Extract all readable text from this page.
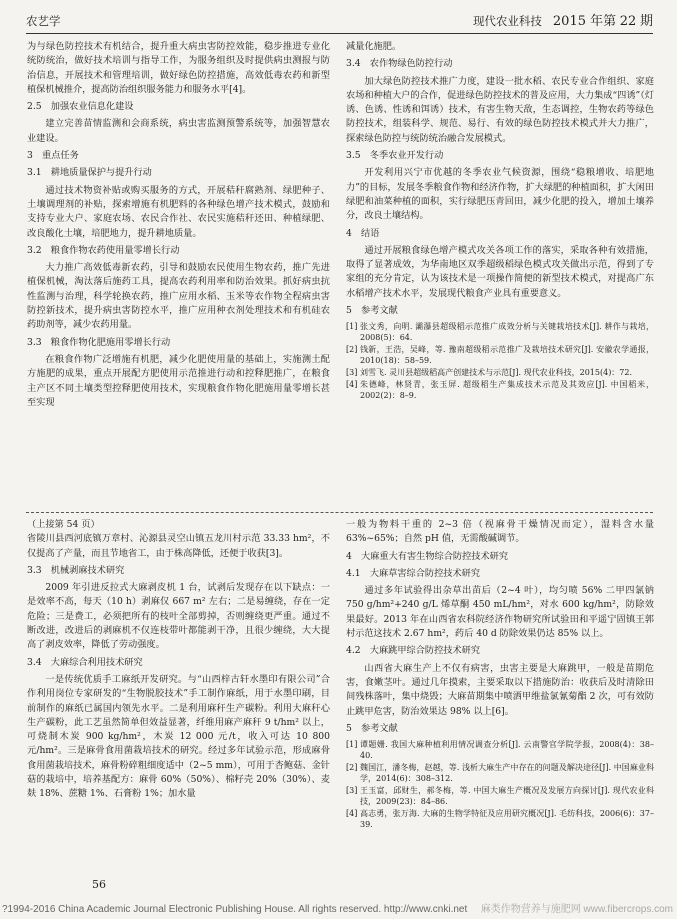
农艺学	现代农业科技 2015 年第 22 期

为与绿色防控技术有机结合，提升重大病虫害防控效能，稳步推进专业化统防统治，做好技术培训与指导工作，为服务组织及时提供病虫测报与防治信息，开展技术和管理培训，做好绿色防控措施，高效低毒农药和新型植保机械推介，提高防治组织服务能力和服务水平[4]。

2.5　加强农业信息化建设

建立完善苗情监测和会商系统，病虫害监测预警系统等，加强智慧农业建设。

3　重点任务

3.1　耕地质量保护与提升行动

通过技术物资补贴或购买服务的方式，开展秸秆腐熟剂、绿肥种子、土壤调理剂的补贴，探索增施有机肥料的各种绿色增产技术模式，鼓励和支持专业大户、家庭农场、农民合作社、农民实施秸秆还田、种植绿肥、改良酸化土壤，培肥地力，提升耕地质量。

3.2　粮食作物农药使用量零增长行动

大力推广高效低毒新农药，引导和鼓励农民使用生物农药，推广先进植保机械，淘汰落后施药工具，提高农药利用率和防治效果。抓好病虫抗性监测与治理，科学轮换农药，推广应用水稻、玉米等农作物全程病虫害防控新技术，提升病虫害防控水平，推广应用种衣剂处理技术和有机硅农药助剂等，减少农药用量。

3.3　粮食作物化肥施用零增长行动

在粮食作物广泛增施有机肥，减少化肥使用量的基础上，实施测土配方施肥的成果，重点开展配方肥使用示范推进行动和控释肥推广，在粮食主产区不同土壤类型控释肥使用技术，实现粮食作物化肥施用量零增长甚至实现

减量化施肥。

3.4　农作物绿色防控行动

加大绿色防控技术推广力度，建设一批水稻、农民专业合作组织、家庭农场和种植大户的合作，促进绿色防控技术的普及应用，大力集成“四诱”（灯诱、色诱、性诱和饵诱）技术，有害生物天敌，生态调控，生物农药等绿色防控技术，组装科学、规范、易行、有效的绿色防控技术模式并大力推广，探索绿色防控与统防统治融合发展模式。

3.5　冬季农业开发行动

开发利用兴宁市优越的冬季农业气候资源，围绕“稳粮增收、培肥地力”的目标，发展冬季粮食作物和经济作物，扩大绿肥的种植面积，扩大闲田绿肥和油菜种植的面积，实行绿肥压青回田，减少化肥的投入，增加土壤养分，改良土壤结构。

4　结语

通过开展粮食绿色增产模式攻关各项工作的落实，采取各种有效措施，取得了显著成效，为华南地区双季超级稻绿色模式攻关做出示范，得到了专家组的充分肯定，认为该技术是一项操作简便的新型技术模式，对提高广东水稻增产技术水平，发展现代粮食产业具有重要意义。

5　参考文献

[1] 张文秀，向明. 灞瀑县超级稻示范推广成效分析与关键栽培技术[J]. 耕作与栽培，2008(5)：64.

[2] 钱新，王浩，吴峰，等. 豫南超级稻示范推广及栽培技术研究[J]. 安徽农学通报，2010(18)：58–59.

[3] 刘雪飞. 灵川县超级稻高产创建技术与示范[J]. 现代农业科技，2015(4)：72.

[4] 朱德峰，林贤青，张玉屏. 超级稻生产集成技术示范及其效应[J]. 中国稻米，2002(2)：8–9.

（上接第 54 页）

省陵川县西河底镇万章村、沁源县灵空山镇五龙川村示范 33.33 hm²，不仅提高了产量，而且节地省工，由于株高降低，还便于收获[3]。

3.3　机械剥麻技术研究

2009 年引进反拉式大麻剥皮机 1 台，试剥后发现存在以下缺点：一是效率不高，每天（10 h）剥麻仅 667 m² 左右；二是易缠绕，存在一定危险；三是费工，必须把所有的枝叶全部剪掉，否则缠绕更严重。通过不断改进，改进后的剥麻机不仅连枝带叶都能剥干净，且很少缠绕，大大提高了剥皮效率，降低了劳动强度。

3.4　大麻综合利用技术研究

一是传统优质手工麻纸开发研究。与“山西梓古轩水墨印有限公司”合作利用岗位专家研发的“生物脱胶技术”手工制作麻纸，用于水墨印刷，目前制作的麻纸已属国内领先水平。二是利用麻秆生产碳粉。利用大麻秆心生产碳粉，此工艺虽然简单但效益显著，纤维用麻产麻秆 9 t/hm² 以上，可烧制木炭 900 kg/hm²，木炭 12 000 元/t，收入可达 10 800 元/hm²。三是麻骨食用菌栽培技术的研究。经过多年试验示范，形成麻骨食用菌栽培技术，麻骨粉碎粗细度适中（2~5 mm），可用于杏鲍菇、金针菇的栽培中，培养基配方：麻骨 60%（50%）、棉籽壳 20%（30%）、麦麸 18%、蔗糖 1%、石膏粉 1%；加水量

一般为物料干重的 2~3 倍（视麻骨干燥情况而定），湿料含水量 63%~65%；自然 pH 值，无需酸碱调节。

4　大麻重大有害生物综合防控技术研究

4.1　大麻草害综合防控技术研究

通过多年试验得出杂草出苗后（2~4 叶），均匀喷 56% 二甲四氯钠 750 g/hm²+240 g/L 烯草酮 450 mL/hm²，对水 600 kg/hm²，防除效果最好。2013 年在山西省农科院经济作物研究所试验田和平遥宁固镇王郭村示范这技术 2.67 hm²，药后 40 d 防除效果仍达 85% 以上。

4.2　大麻跳甲综合防控技术研究

山西省大麻生产上不仅有病害，虫害主要是大麻跳甲，一般是苗期危害，食嫩茎叶。通过几年摸索，主要采取以下措施防治：收获后及时清除田间残株落叶，集中烧毁；大麻苗期集中喷洒甲维盐氯氰菊酯 2 次，可有效防止跳甲危害，防治效果达 98% 以上[6]。

5　参考文献

[1] 谭题姗. 我国大麻种植利用情况调查分析[J]. 云南警官学院学报，2008(4)：38–40.

[2] 魏国江，潘冬梅，赵越，等. 浅析大麻生产中存在的问题及解决途径[J]. 中国麻业科学，2014(6)：308–312.

[3] 王玉富，邱财生，郝冬梅，等. 中国大麻生产概况及发展方向探讨[J]. 现代农业科技，2009(23)：84–86.

[4] 高志勇，张万海. 大麻的生物学特征及应用研究概况[J]. 毛纺科技，2006(6)：37–39.

56
?1994-2016 China Academic Journal Electronic Publishing House. All rights reserved. http://www.cnki.net 麻类作物营养与施肥网 www.fibercrops.com
